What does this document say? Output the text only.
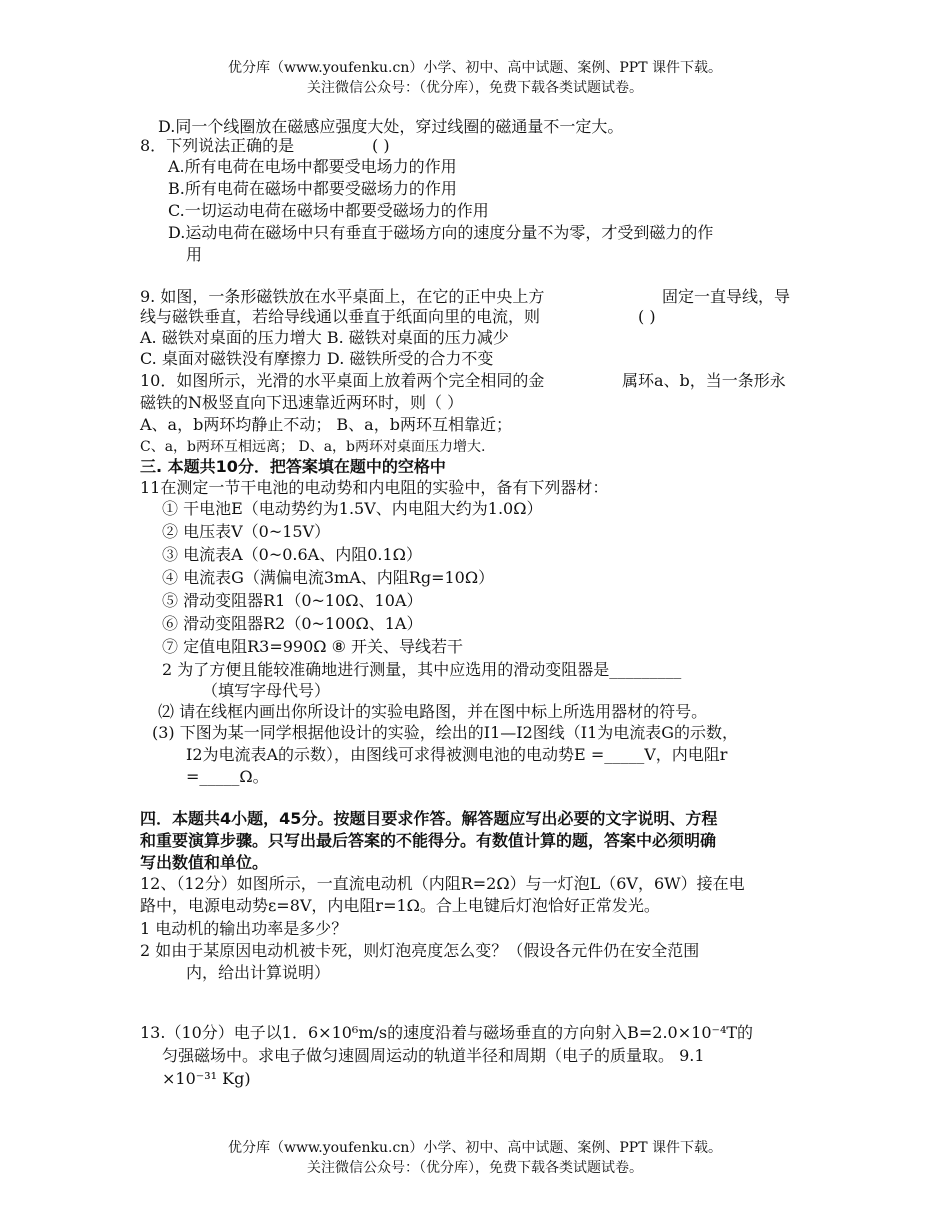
优分库（www.youfenku.cn）小学、初中、高中试题、案例、PPT 课件下载。
关注微信公众号：（优分库），免费下载各类试题试卷。
D.同一个线圈放在磁感应强度大处，穿过线圈的磁通量不一定大。
8．下列说法正确的是	( )
A.所有电荷在电场中都要受电场力的作用
B.所有电荷在磁场中都要受磁场力的作用
C.一切运动电荷在磁场中都要受磁场力的作用
D.运动电荷在磁场中只有垂直于磁场方向的速度分量不为零，才受到磁力的作
用
9. 如图，一条形磁铁放在水平桌面上，在它的正中央上方	固定一直导线，导
线与磁铁垂直，若给导线通以垂直于纸面向里的电流，则	( )
A. 磁铁对桌面的压力增大 B. 磁铁对桌面的压力减少
C. 桌面对磁铁没有摩擦力 D. 磁铁所受的合力不变
10．如图所示，光滑的水平桌面上放着两个完全相同的金	属环a、b，当一条形永
磁铁的N极竖直向下迅速靠近两环时，则（ ）
A、a，b两环均静止不动； B、a，b两环互相靠近；
C、a，b两环互相远离； D、a，b两环对桌面压力增大.
三. 本题共10分．把答案填在题中的空格中
11在测定一节干电池的电动势和内电阻的实验中，备有下列器材：
① 干电池E（电动势约为1.5V、内电阻大约为1.0Ω）
② 电压表V（0~15V）
③ 电流表A（0~0.6A、内阻0.1Ω）
④ 电流表G（满偏电流3mA、内阻Rg=10Ω）
⑤ 滑动变阻器R1（0~10Ω、10A）
⑥ 滑动变阻器R2（0~100Ω、1A）
⑦ 定值电阻R3=990Ω ⑧ 开关、导线若干
2 为了方便且能较准确地进行测量，其中应选用的滑动变阻器是_________
（填写字母代号）
⑵ 请在线框内画出你所设计的实验电路图，并在图中标上所选用器材的符号。
(3) 下图为某一同学根据他设计的实验，绘出的I1—I2图线（I1为电流表G的示数，
I2为电流表A的示数），由图线可求得被测电池的电动势E =_____V，内电阻r
=_____Ω。
四．本题共4小题，45分。按题目要求作答。解答题应写出必要的文字说明、方程
和重要演算步骤。只写出最后答案的不能得分。有数值计算的题，答案中必须明确
写出数值和单位。
12、（12分）如图所示，一直流电动机（内阻R=2Ω）与一灯泡L（6V，6W）接在电
路中，电源电动势ε=8V，内电阻r=1Ω。合上电键后灯泡恰好正常发光。
1 电动机的输出功率是多少？
2 如由于某原因电动机被卡死，则灯泡亮度怎么变？（假设各元件仍在安全范围
内，给出计算说明）
13.（10分）电子以1．6×10⁶m/s的速度沿着与磁场垂直的方向射入B=2.0×10⁻⁴T的
匀强磁场中。求电子做匀速圆周运动的轨道半径和周期（电子的质量取。 9.1
×10⁻³¹ Kg)
优分库（www.youfenku.cn）小学、初中、高中试题、案例、PPT 课件下载。
关注微信公众号：（优分库），免费下载各类试题试卷。
